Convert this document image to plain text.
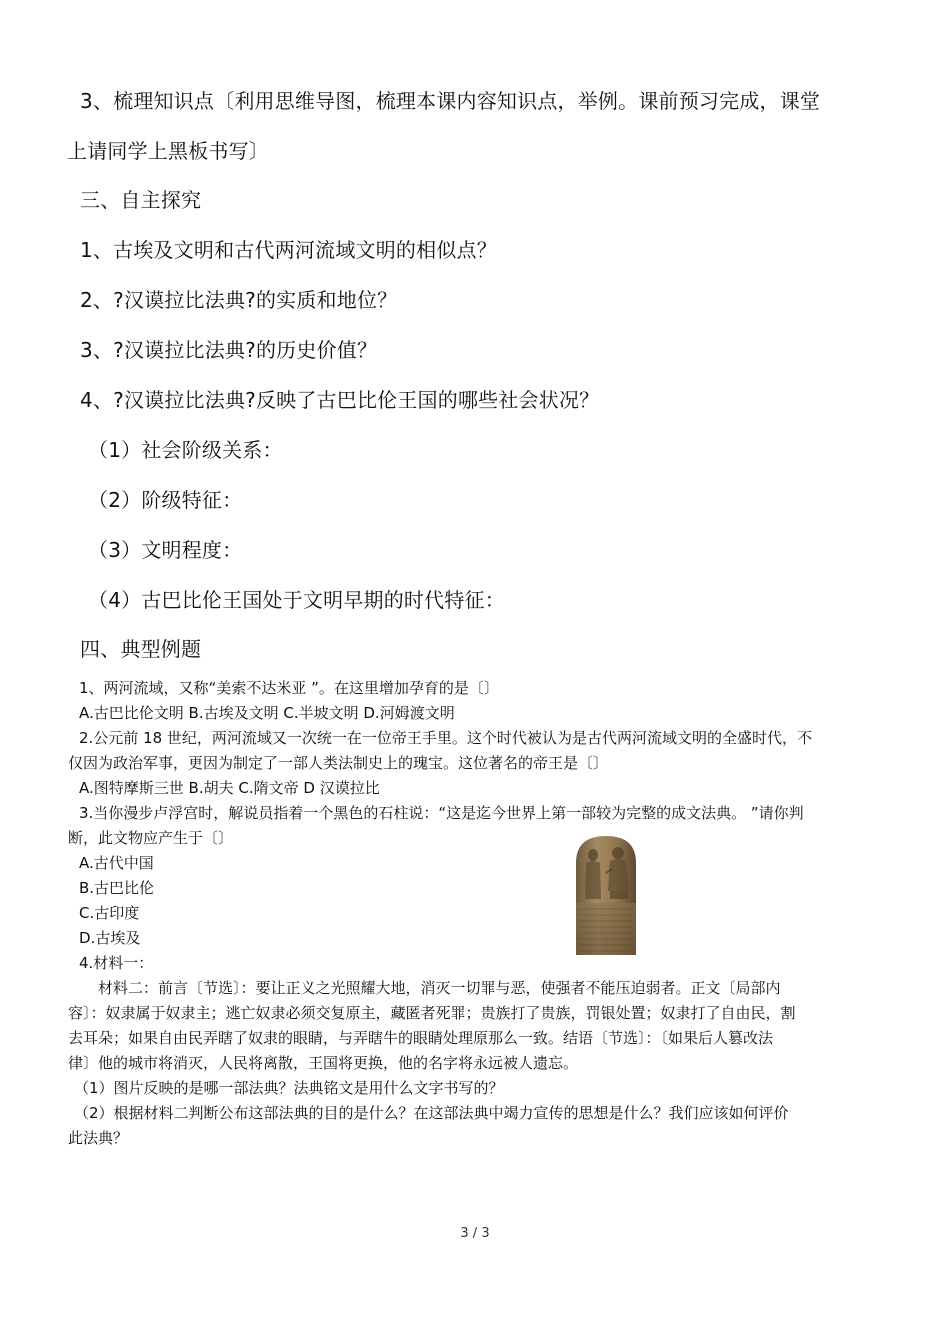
3、梳理知识点〔利用思维导图，梳理本课内容知识点，举例。课前预习完成，课堂
上请同学上黑板书写〕
三、自主探究
1、古埃及文明和古代两河流域文明的相似点？
2、?汉谟拉比法典?的实质和地位？
3、?汉谟拉比法典?的历史价值？
4、?汉谟拉比法典?反映了古巴比伦王国的哪些社会状况？
（1）社会阶级关系：
（2）阶级特征：
（3）文明程度：
（4）古巴比伦王国处于文明早期的时代特征：
四、典型例题
1、两河流域，又称“美索不达米亚 ”。在这里增加孕育的是〔〕
A.古巴比伦文明 B.古埃及文明 C.半坡文明 D.河姆渡文明
2.公元前 18 世纪，两河流域又一次统一在一位帝王手里。这个时代被认为是古代两河流域文明的全盛时代，不
仅因为政治军事，更因为制定了一部人类法制史上的瑰宝。这位著名的帝王是〔〕
A.图特摩斯三世 B.胡夫 C.隋文帝 D 汉谟拉比
3.当你漫步卢浮宫时，解说员指着一个黑色的石柱说：“这是迄今世界上第一部较为完整的成文法典。 ”请你判
断，此文物应产生于〔〕
A.古代中国
B.古巴比伦
C.古印度
D.古埃及
4.材料一：
材料二：前言〔节选〕：要让正义之光照耀大地，消灭一切罪与恶，使强者不能压迫弱者。正文〔局部内
容〕：奴隶属于奴隶主；逃亡奴隶必须交复原主，藏匿者死罪；贵族打了贵族，罚银处置；奴隶打了自由民，割
去耳朵；如果自由民弄瞎了奴隶的眼睛，与弄瞎牛的眼睛处理原那么一致。结语〔节选〕：〔如果后人篡改法
律〕他的城市将消灭，人民将离散，王国将更换，他的名字将永远被人遗忘。
（1）图片反映的是哪一部法典？法典铭文是用什么文字书写的？
（2）根据材料二判断公布这部法典的目的是什么？在这部法典中竭力宣传的思想是什么？我们应该如何评价
此法典？
3 / 3
